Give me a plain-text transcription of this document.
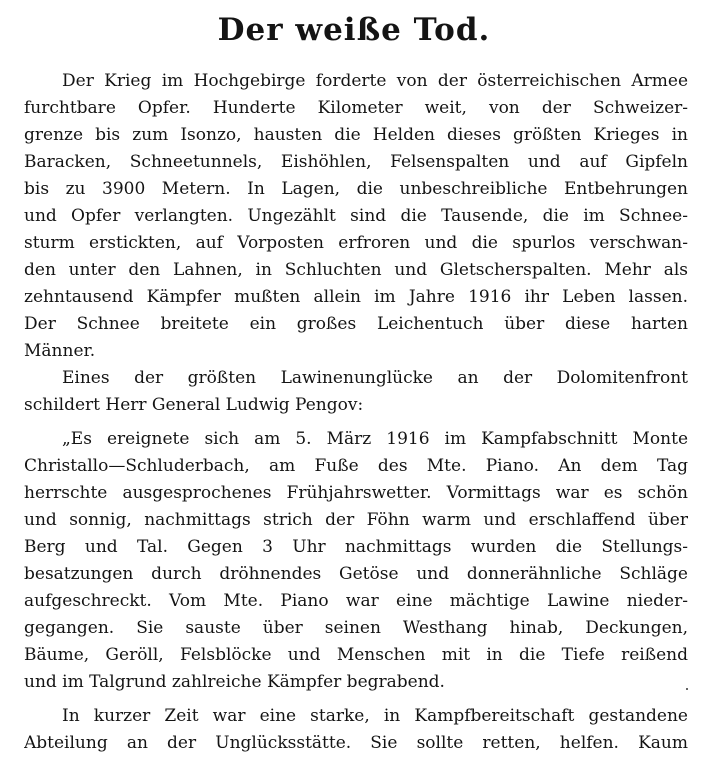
Der weiße Tod.
Der Krieg im Hochgebirge forderte von der österreichischen Armee
furchtbare Opfer. Hunderte Kilometer weit, von der Schweizer-
grenze bis zum Isonzo, hausten die Helden dieses größten Krieges in
Baracken, Schneetunnels, Eishöhlen, Felsenspalten und auf Gipfeln
bis zu 3900 Metern. In Lagen, die unbeschreibliche Entbehrungen
und Opfer verlangten. Ungezählt sind die Tausende, die im Schnee-
sturm erstickten, auf Vorposten erfroren und die spurlos verschwan-
den unter den Lahnen, in Schluchten und Gletscherspalten. Mehr als
zehntausend Kämpfer mußten allein im Jahre 1916 ihr Leben lassen.
Der Schnee breitete ein großes Leichentuch über diese harten
Männer.
Eines der größten Lawinenunglücke an der Dolomitenfront
schildert Herr General Ludwig Pengov:
„Es ereignete sich am 5. März 1916 im Kampfabschnitt Monte
Christallo—Schluderbach, am Fuße des Mte. Piano. An dem Tag
herrschte ausgesprochenes Frühjahrswetter. Vormittags war es schön
und sonnig, nachmittags strich der Föhn warm und erschlaffend über
Berg und Tal. Gegen 3 Uhr nachmittags wurden die Stellungs-
besatzungen durch dröhnendes Getöse und donnerähnliche Schläge
aufgeschreckt. Vom Mte. Piano war eine mächtige Lawine nieder-
gegangen. Sie sauste über seinen Westhang hinab, Deckungen,
Bäume, Geröll, Felsblöcke und Menschen mit in die Tiefe reißend
und im Talgrund zahlreiche Kämpfer begrabend.
In kurzer Zeit war eine starke, in Kampfbereitschaft gestandene
Abteilung an der Unglücksstätte. Sie sollte retten, helfen. Kaum
